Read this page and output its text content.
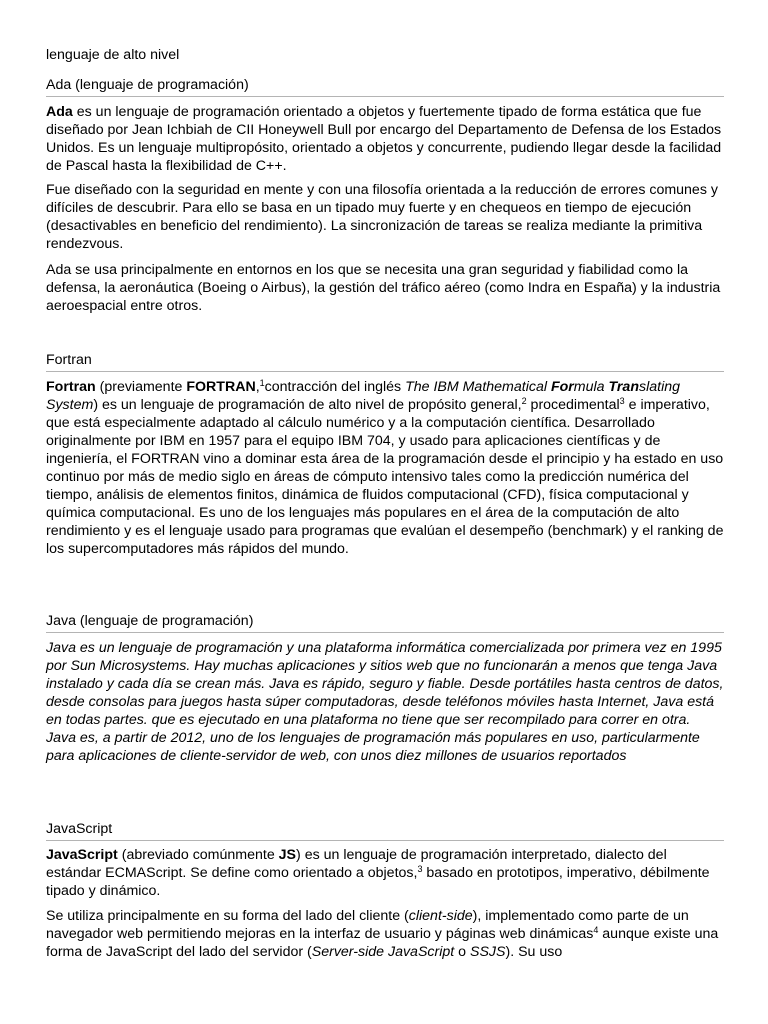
lenguaje de alto nivel

Ada (lenguaje de programación)

Ada es un lenguaje de programación orientado a objetos y fuertemente tipado de forma estática que fue diseñado por Jean Ichbiah de CII Honeywell Bull por encargo del Departamento de Defensa de los Estados Unidos. Es un lenguaje multipropósito, orientado a objetos y concurrente, pudiendo llegar desde la facilidad de Pascal hasta la flexibilidad de C++.

Fue diseñado con la seguridad en mente y con una filosofía orientada a la reducción de errores comunes y difíciles de descubrir. Para ello se basa en un tipado muy fuerte y en chequeos en tiempo de ejecución (desactivables en beneficio del rendimiento). La sincronización de tareas se realiza mediante la primitiva rendezvous.

Ada se usa principalmente en entornos en los que se necesita una gran seguridad y fiabilidad como la defensa, la aeronáutica (Boeing o Airbus), la gestión del tráfico aéreo (como Indra en España) y la industria aeroespacial entre otros.

Fortran

Fortran (previamente FORTRAN,$^1$contracción del inglés The IBM Mathematical Formula Translating System) es un lenguaje de programación de alto nivel de propósito general,$^2$ procedimental$^3$ e imperativo, que está especialmente adaptado al cálculo numérico y a la computación científica. Desarrollado originalmente por IBM en 1957 para el equipo IBM 704, y usado para aplicaciones científicas y de ingeniería, el FORTRAN vino a dominar esta área de la programación desde el principio y ha estado en uso continuo por más de medio siglo en áreas de cómputo intensivo tales como la predicción numérica del tiempo, análisis de elementos finitos, dinámica de fluidos computacional (CFD), física computacional y química computacional. Es uno de los lenguajes más populares en el área de la computación de alto rendimiento y es el lenguaje usado para programas que evalúan el desempeño (benchmark) y el ranking de los supercomputadores más rápidos del mundo.

Java (lenguaje de programación)

Java es un lenguaje de programación y una plataforma informática comercializada por primera vez en 1995 por Sun Microsystems. Hay muchas aplicaciones y sitios web que no funcionarán a menos que tenga Java instalado y cada día se crean más. Java es rápido, seguro y fiable. Desde portátiles hasta centros de datos, desde consolas para juegos hasta súper computadoras, desde teléfonos móviles hasta Internet, Java está en todas partes. que es ejecutado en una plataforma no tiene que ser recompilado para correr en otra. Java es, a partir de 2012, uno de los lenguajes de programación más populares en uso, particularmente para aplicaciones de cliente-servidor de web, con unos diez millones de usuarios reportados

JavaScript

JavaScript (abreviado comúnmente JS) es un lenguaje de programación interpretado, dialecto del estándar ECMAScript. Se define como orientado a objetos,$^3$ basado en prototipos, imperativo, débilmente tipado y dinámico.

Se utiliza principalmente en su forma del lado del cliente (client-side), implementado como parte de un navegador web permitiendo mejoras en la interfaz de usuario y páginas web dinámicas$^4$ aunque existe una forma de JavaScript del lado del servidor (Server-side JavaScript o SSJS). Su uso
